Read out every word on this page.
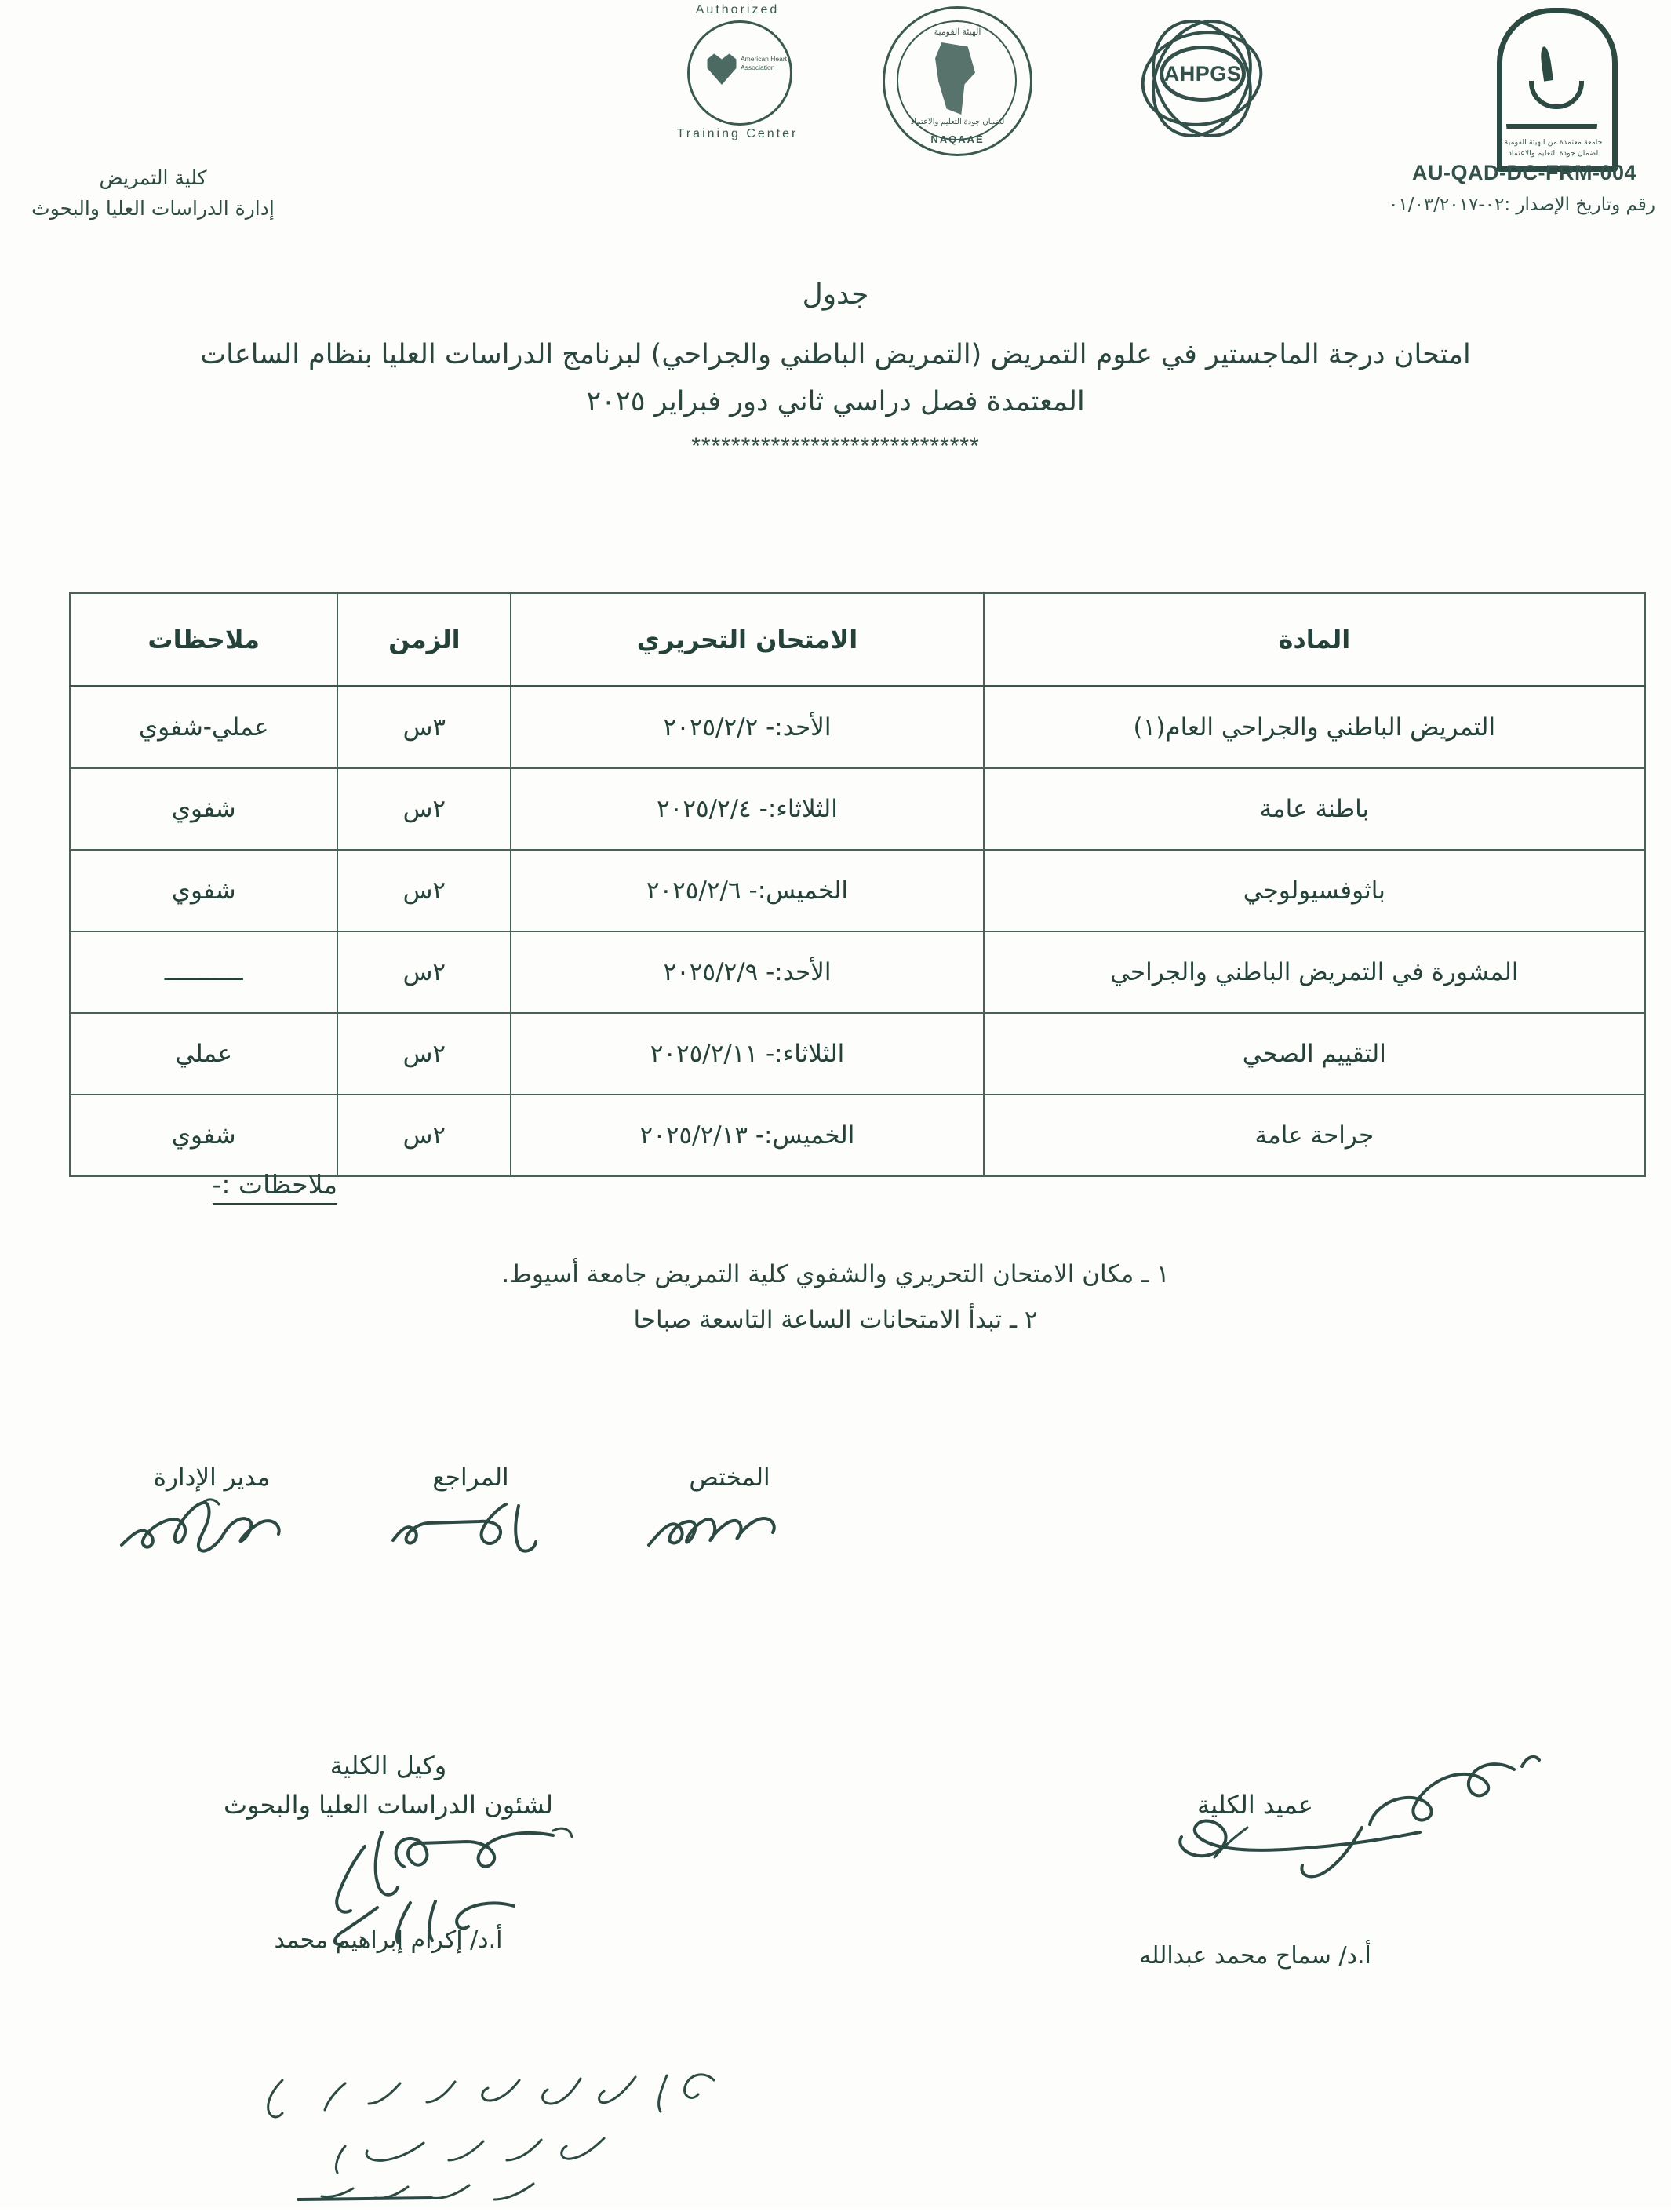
جامعة معتمدة من الهيئة القومية
لضمان جودة التعليم والاعتماد
AU-QAD-DC-FRM-004
رقم وتاريخ الإصدار :٠٢-٠١/٠٣/٢٠١٧
AHPGS
الهيئة القومية
لضمان جودة التعليم والاعتماد
NAQAAE
Authorized
American Heart Association
Training Center
كلية التمريض
إدارة الدراسات العليا والبحوث
جدول
امتحان درجة الماجستير في علوم التمريض (التمريض الباطني والجراحي) لبرنامج الدراسات العليا بنظام الساعات المعتمدة فصل دراسي ثاني دور فبراير ٢٠٢٥
*****************************
المادة	الامتحان التحريري	الزمن	ملاحظات
التمريض الباطني والجراحي العام(١)	الأحد:- ٢٠٢٥/٢/٢	٣س	عملي-شفوي
باطنة عامة	الثلاثاء:- ٢٠٢٥/٢/٤	٢س	شفوي
باثوفسيولوجي	الخميس:- ٢٠٢٥/٢/٦	٢س	شفوي
المشورة في التمريض الباطني والجراحي	الأحد:- ٢٠٢٥/٢/٩	٢س	ـــــــــــ
التقييم الصحي	الثلاثاء:- ٢٠٢٥/٢/١١	٢س	عملي
جراحة عامة	الخميس:- ٢٠٢٥/٢/١٣	٢س	شفوي
ملاحظات :-
١ ـ مكان الامتحان التحريري والشفوي كلية التمريض جامعة أسيوط.
٢ ـ تبدأ الامتحانات الساعة التاسعة صباحا
المختص
المراجع
مدير الإدارة
وكيل الكلية
لشئون الدراسات العليا والبحوث
أ.د/ إكرام إبراهيم محمد
عميد الكلية
أ.د/ سماح محمد عبدالله
